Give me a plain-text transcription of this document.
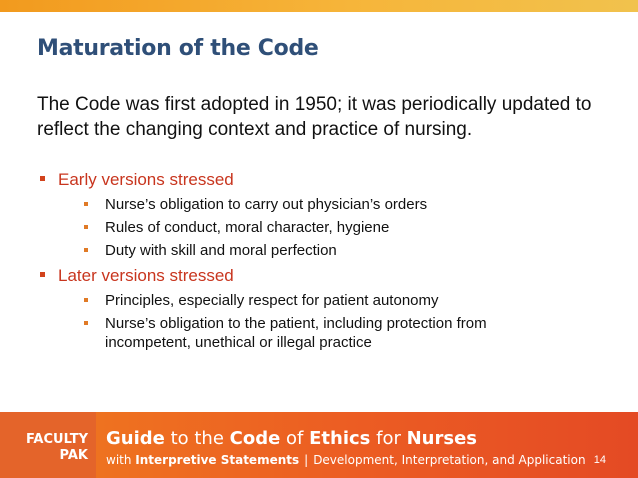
Maturation of the Code
The Code was first adopted in 1950; it was periodically updated to reflect the changing context and practice of nursing.
Early versions stressed
Nurse’s obligation to carry out physician’s orders
Rules of conduct, moral character, hygiene
Duty with skill and moral perfection
Later versions stressed
Principles, especially respect for patient autonomy
Nurse’s obligation to the patient, including protection from incompetent, unethical or illegal practice
FACULTY
PAK
Guide to the Code of Ethics for Nurses
with Interpretive Statements | Development, Interpretation, and Application 14
